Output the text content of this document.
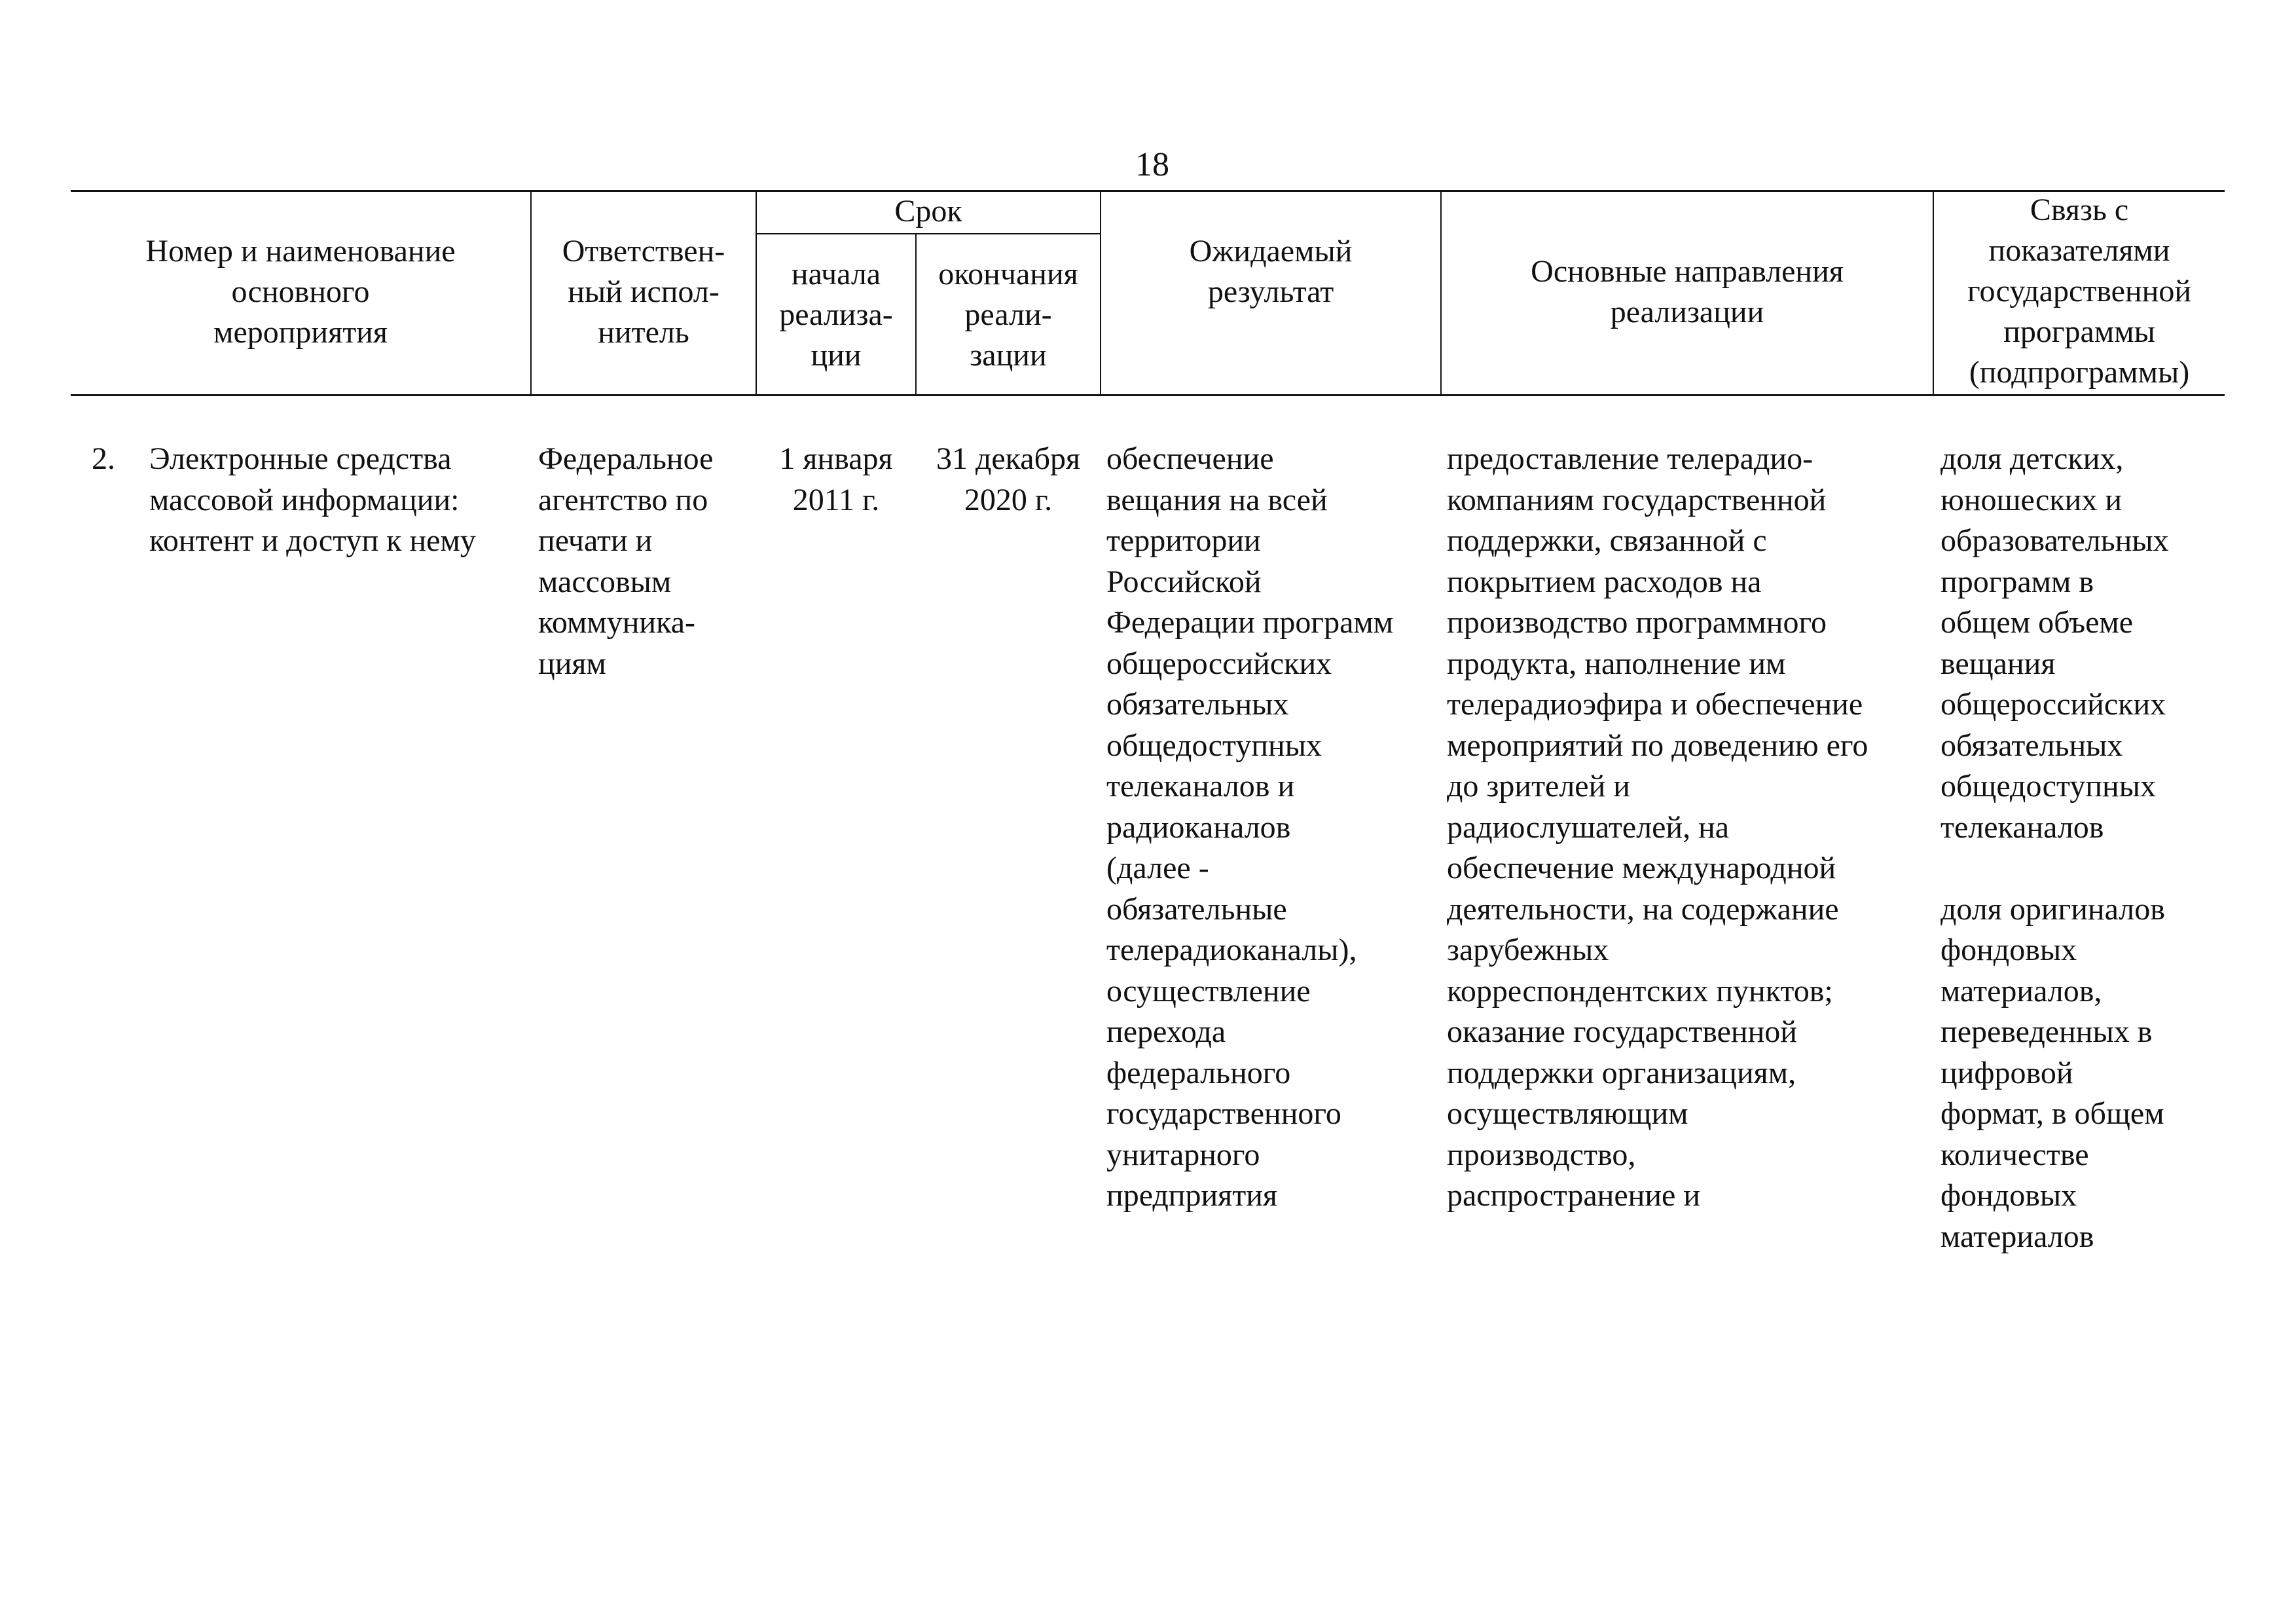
18
Номер и наименование
основного
мероприятия
Ответствен-
ный испол-
нитель
Срок
начала
реализа-
ции
окончания
реали-
зации
Ожидаемый
результат
Основные направления
реализации
Связь с
показателями
государственной
программы
(подпрограммы)
2. Электронные средства
массовой информации:
контент и доступ к нему
Федеральное
агентство по
печати и
массовым
коммуника-
циям
1 января
2011 г.
31 декабря
2020 г.
обеспечение
вещания на всей
территории
Российской
Федерации программ
общероссийских
обязательных
общедоступных
телеканалов и
радиоканалов
(далее -
обязательные
телерадиоканалы),
осуществление
перехода
федерального
государственного
унитарного
предприятия
предоставление телерадио-
компаниям государственной
поддержки, связанной с
покрытием расходов на
производство программного
продукта, наполнение им
телерадиоэфира и обеспечение
мероприятий по доведению его
до зрителей и
радиослушателей, на
обеспечение международной
деятельности, на содержание
зарубежных
корреспондентских пунктов;
оказание государственной
поддержки организациям,
осуществляющим
производство,
распространение и
доля детских,
юношеских и
образовательных
программ в
общем объеме
вещания
общероссийских
обязательных
общедоступных
телеканалов

доля оригиналов
фондовых
материалов,
переведенных в
цифровой
формат, в общем
количестве
фондовых
материалов
